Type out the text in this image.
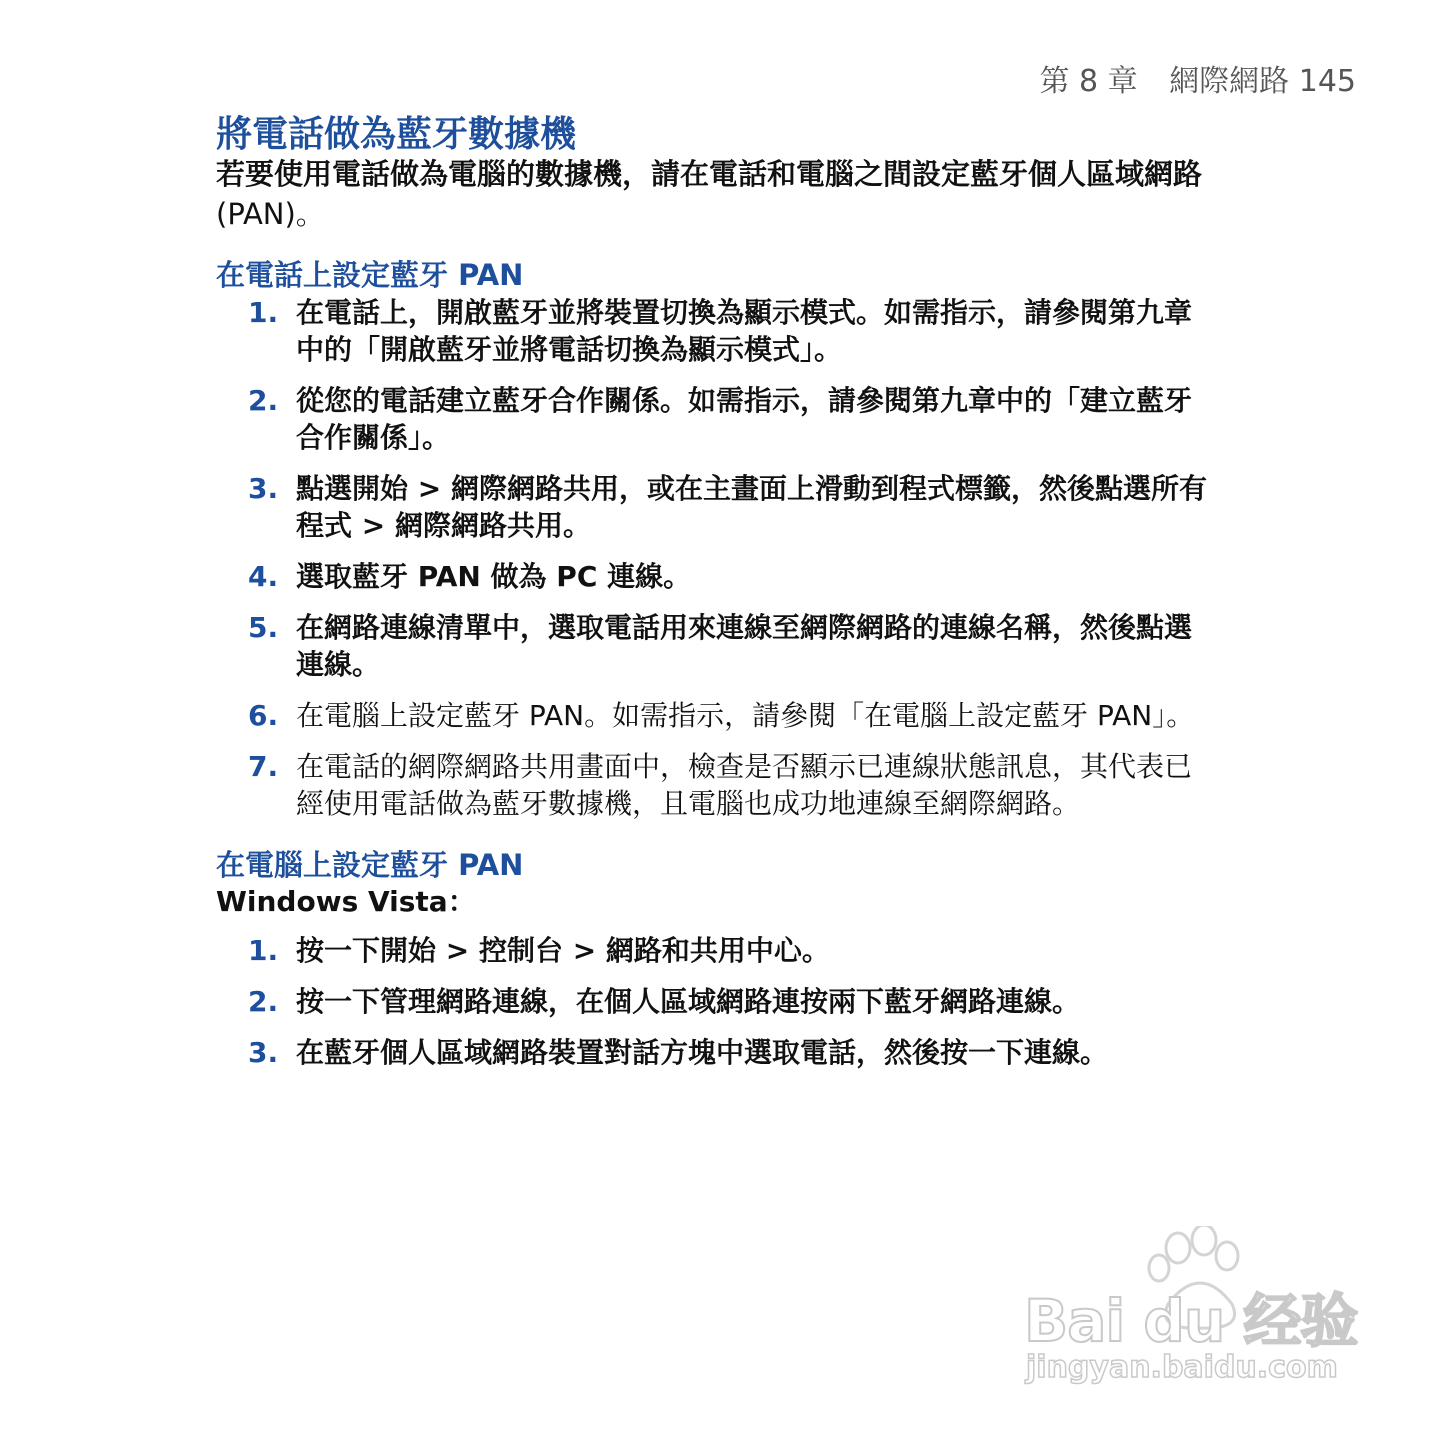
第 8 章 網際網路 145
將電話做為藍牙數據機
若要使用電話做為電腦的數據機，請在電話和電腦之間設定藍牙個人區域網路
(PAN)。
在電話上設定藍牙 PAN
1. 在電話上，開啟藍牙並將裝置切換為顯示模式。如需指示，請參閱第九章
中的「開啟藍牙並將電話切換為顯示模式」。
2. 從您的電話建立藍牙合作關係。如需指示，請參閱第九章中的「建立藍牙
合作關係」。
3. 點選開始 > 網際網路共用，或在主畫面上滑動到程式標籤，然後點選所有
程式 > 網際網路共用。
4. 選取藍牙 PAN 做為 PC 連線。
5. 在網路連線清單中，選取電話用來連線至網際網路的連線名稱，然後點選
連線。
6. 在電腦上設定藍牙 PAN。如需指示，請參閱「在電腦上設定藍牙 PAN」。
7. 在電話的網際網路共用畫面中，檢查是否顯示已連線狀態訊息，其代表已
經使用電話做為藍牙數據機，且電腦也成功地連線至網際網路。
在電腦上設定藍牙 PAN
Windows Vista：
1. 按一下開始 > 控制台 > 網路和共用中心。
2. 按一下管理網路連線，在個人區域網路連按兩下藍牙網路連線。
3. 在藍牙個人區域網路裝置對話方塊中選取電話，然後按一下連線。
Bai du 经验
jingyan.baidu.com
